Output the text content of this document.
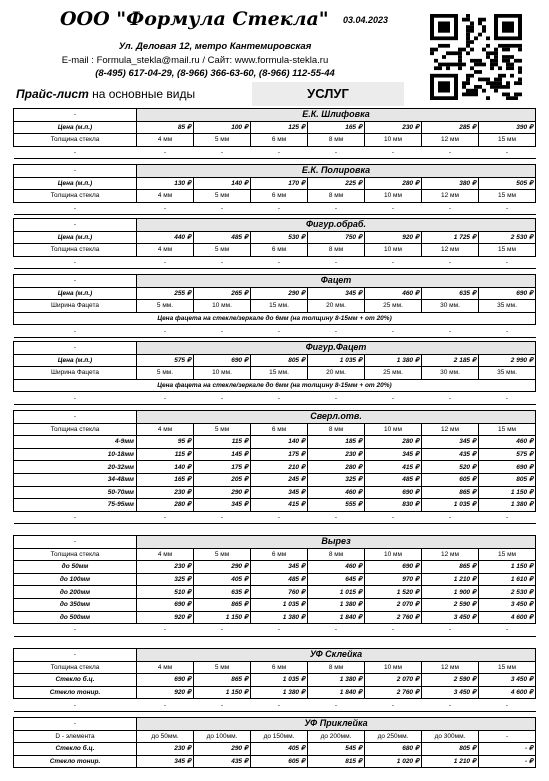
ООО "Формула Стекла" 03.04.2023
Ул. Деловая 12, метро Кантемировская
E-mail : Formula_stekla@mail.ru / Сайт: www.formula-stekla.ru
(8-495) 617-04-29, (8-966) 366-63-60, (8-966) 112-55-44
Прайс-лист на основные виды	УСЛУГ
-	Е.К. Шлифовка						
Цена (м.п.)	85 ₽	100 ₽	125 ₽	165 ₽	230 ₽	285 ₽	390 ₽
Толщина стекла	4 мм	5 мм	6 мм	8 мм	10 мм	12 мм	15 мм
-	-	-	-	-	-	-	-
-	Е.К. Полировка						
Цена (м.п.)	130 ₽	140 ₽	170 ₽	225 ₽	280 ₽	380 ₽	505 ₽
Толщина стекла	4 мм	5 мм	6 мм	8 мм	10 мм	12 мм	15 мм
-	-	-	-	-	-	-	-
-	Фигур.обраб.						
Цена (м.п.)	440 ₽	485 ₽	530 ₽	750 ₽	920 ₽	1 725 ₽	2 530 ₽
Толщина стекла	4 мм	5 мм	6 мм	8 мм	10 мм	12 мм	15 мм
-	-	-	-	-	-	-	-
-	Фацет						
Цена (м.п.)	255 ₽	265 ₽	290 ₽	345 ₽	460 ₽	635 ₽	690 ₽
Ширина Фацета	5 мм.	10 мм.	15 мм.	20 мм.	25 мм.	30 мм.	35 мм.
Цена фацета на стекле/зеркале до 6мм (на толщину 8-15мм + от 20%)							
-	-	-	-	-	-	-	-
-	Фигур.Фацет						
Цена (м.п.)	575 ₽	690 ₽	805 ₽	1 035 ₽	1 380 ₽	2 185 ₽	2 990 ₽
Ширина Фацета	5 мм.	10 мм.	15 мм.	20 мм.	25 мм.	30 мм.	35 мм.
Цена фацета на стекле/зеркале до 6мм (на толщину 8-15мм + от 20%)							
-	-	-	-	-	-	-	-
-	Сверл.отв.						
Толщина стекла	4 мм	5 мм	6 мм	8 мм	10 мм	12 мм	15 мм
4-9мм	95 ₽	115 ₽	140 ₽	185 ₽	280 ₽	345 ₽	460 ₽
10-18мм	115 ₽	145 ₽	175 ₽	230 ₽	345 ₽	435 ₽	575 ₽
20-32мм	140 ₽	175 ₽	210 ₽	280 ₽	415 ₽	520 ₽	690 ₽
34-48мм	165 ₽	205 ₽	245 ₽	325 ₽	485 ₽	605 ₽	805 ₽
50-70мм	230 ₽	290 ₽	345 ₽	460 ₽	690 ₽	865 ₽	1 150 ₽
75-95мм	280 ₽	345 ₽	415 ₽	555 ₽	830 ₽	1 035 ₽	1 380 ₽
-	-	-	-	-	-	-	-
-	Вырез						
Толщина стекла	4 мм	5 мм	6 мм	8 мм	10 мм	12 мм	15 мм
до 50мм	230 ₽	290 ₽	345 ₽	460 ₽	690 ₽	865 ₽	1 150 ₽
до 100мм	325 ₽	405 ₽	485 ₽	645 ₽	970 ₽	1 210 ₽	1 610 ₽
до 200мм	510 ₽	635 ₽	760 ₽	1 015 ₽	1 520 ₽	1 900 ₽	2 530 ₽
до 350мм	690 ₽	865 ₽	1 035 ₽	1 380 ₽	2 070 ₽	2 590 ₽	3 450 ₽
до 500мм	920 ₽	1 150 ₽	1 380 ₽	1 840 ₽	2 760 ₽	3 450 ₽	4 600 ₽
-	-	-	-	-	-	-	-
-	УФ Склейка						
Толщина стекла	4 мм	5 мм	6 мм	8 мм	10 мм	12 мм	15 мм
Стекло б.ц.	690 ₽	865 ₽	1 035 ₽	1 380 ₽	2 070 ₽	2 590 ₽	3 450 ₽
Стекло тонир.	920 ₽	1 150 ₽	1 380 ₽	1 840 ₽	2 760 ₽	3 450 ₽	4 600 ₽
-	-	-	-	-	-	-	-
-	УФ Приклейка						
D - элемента	до 50мм.	до 100мм.	до 150мм.	до 200мм.	до 250мм.	до 300мм.	-
Стекло б.ц.	230 ₽	290 ₽	405 ₽	545 ₽	680 ₽	805 ₽	- ₽
Стекло тонир.	345 ₽	435 ₽	605 ₽	815 ₽	1 020 ₽	1 210 ₽	- ₽
